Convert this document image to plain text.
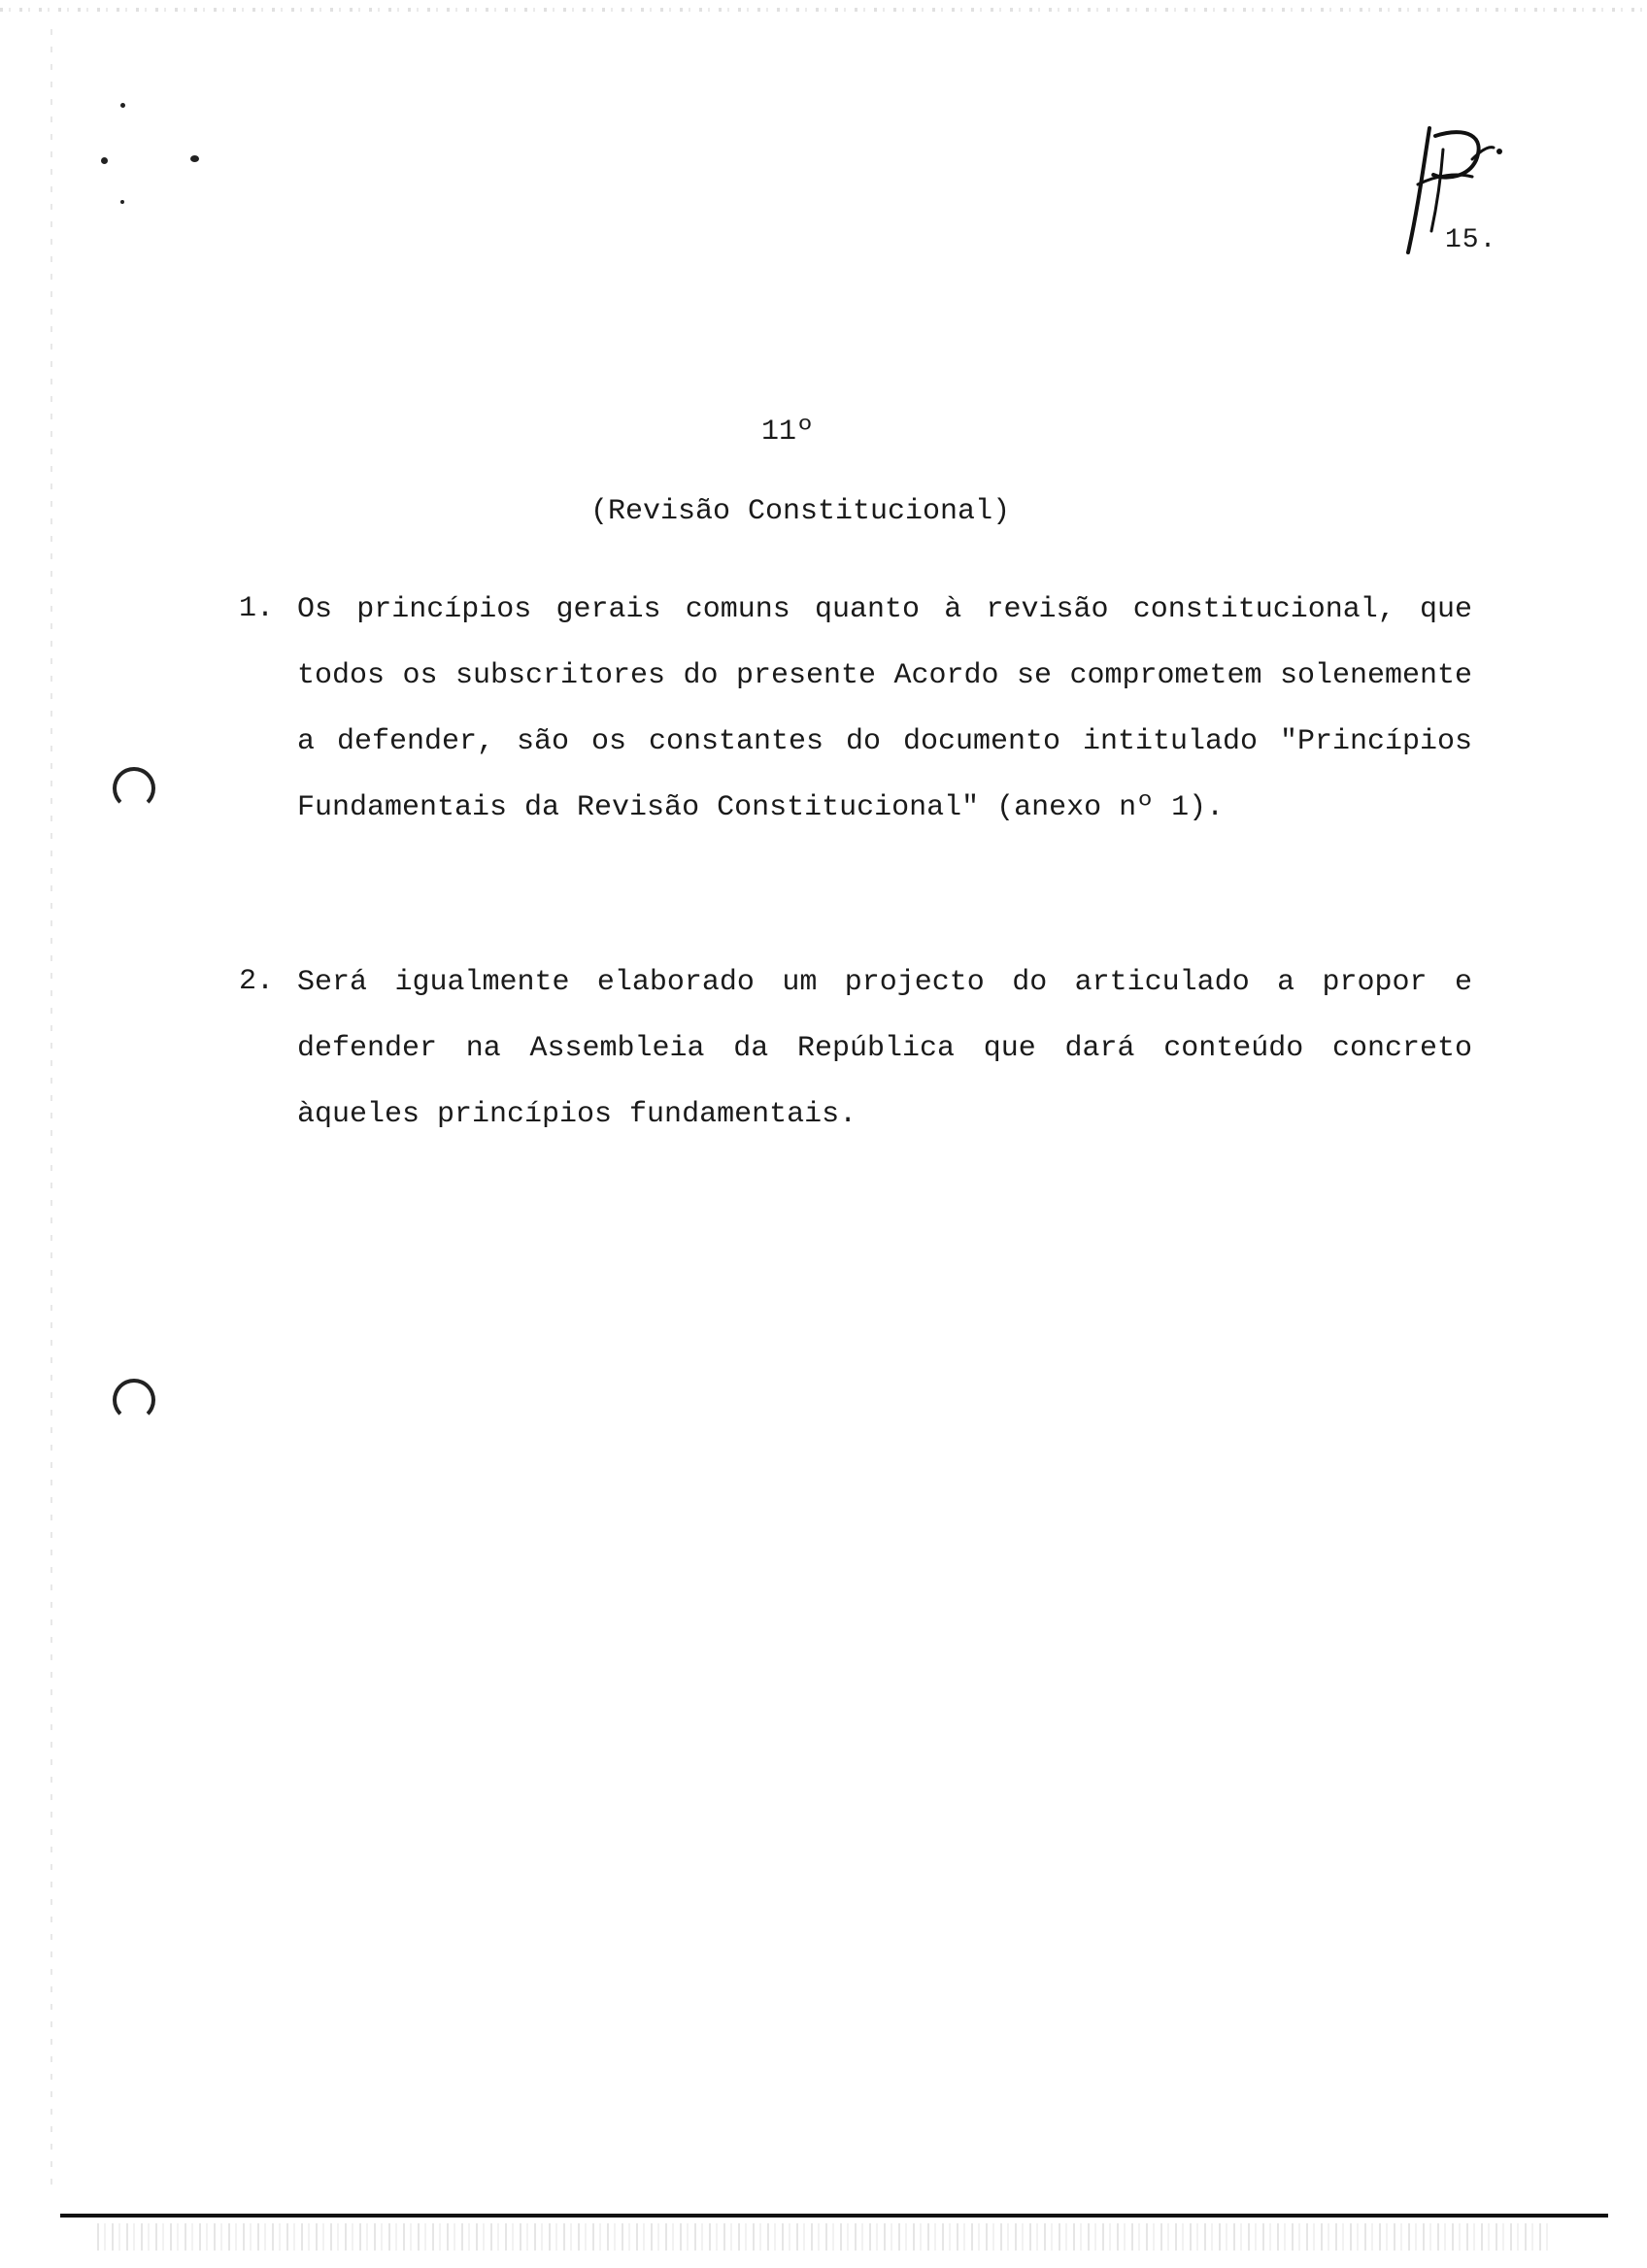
15.
11º
(Revisão Constitucional)
1. Os princípios gerais comuns quanto à revisão constitucional, que todos os subscritores do presente Acordo se comprometem solenemente a defender, são os constantes do documento intitulado "Princípios Fundamentais da Revisão Constitucional" (anexo nº 1).

2. Será igualmente elaborado um projecto do articulado a propor e defender na Assembleia da República que dará conteúdo concreto àqueles princípios fundamentais.
